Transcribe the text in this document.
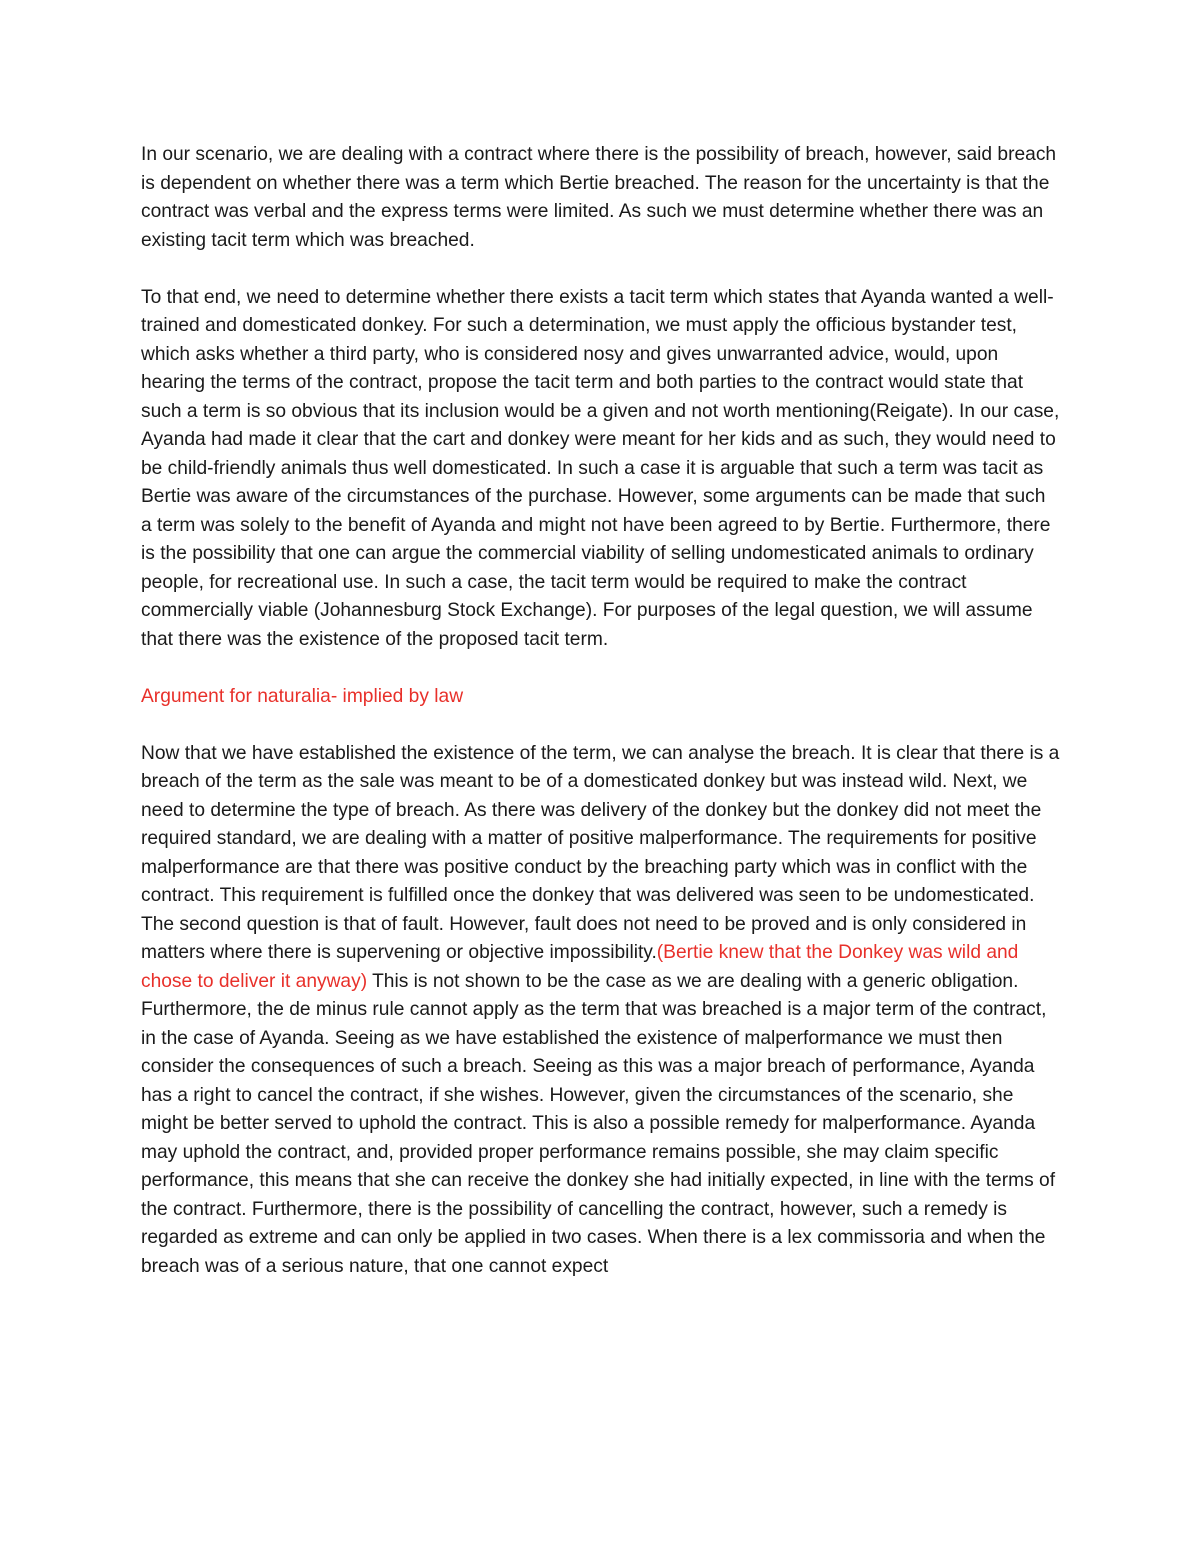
In our scenario, we are dealing with a contract where there is the possibility of breach, however, said breach is dependent on whether there was a term which Bertie breached. The reason for the uncertainty is that the contract was verbal and the express terms were limited. As such we must determine whether there was an existing tacit term which was breached.

To that end, we need to determine whether there exists a tacit term which states that Ayanda wanted a well-trained and domesticated donkey. For such a determination, we must apply the officious bystander test, which asks whether a third party, who is considered nosy and gives unwarranted advice, would, upon hearing the terms of the contract, propose the tacit term and both parties to the contract would state that such a term is so obvious that its inclusion would be a given and not worth mentioning(Reigate). In our case, Ayanda had made it clear that the cart and donkey were meant for her kids and as such, they would need to be child-friendly animals thus well domesticated. In such a case it is arguable that such a term was tacit as Bertie was aware of the circumstances of the purchase. However, some arguments can be made that such a term was solely to the benefit of Ayanda and might not have been agreed to by Bertie. Furthermore, there is the possibility that one can argue the commercial viability of selling undomesticated animals to ordinary people, for recreational use. In such a case, the tacit term would be required to make the contract commercially viable (Johannesburg Stock Exchange). For purposes of the legal question, we will assume that there was the existence of the proposed tacit term.

Argument for naturalia- implied by law

Now that we have established the existence of the term, we can analyse the breach. It is clear that there is a breach of the term as the sale was meant to be of a domesticated donkey but was instead wild. Next, we need to determine the type of breach. As there was delivery of the donkey but the donkey did not meet the required standard, we are dealing with a matter of positive malperformance. The requirements for positive malperformance are that there was positive conduct by the breaching party which was in conflict with the contract. This requirement is fulfilled once the donkey that was delivered was seen to be undomesticated. The second question is that of fault. However, fault does not need to be proved and is only considered in matters where there is supervening or objective impossibility.(Bertie knew that the Donkey was wild and chose to deliver it anyway) This is not shown to be the case as we are dealing with a generic obligation. Furthermore, the de minus rule cannot apply as the term that was breached is a major term of the contract, in the case of Ayanda. Seeing as we have established the existence of malperformance we must then consider the consequences of such a breach. Seeing as this was a major breach of performance, Ayanda has a right to cancel the contract, if she wishes. However, given the circumstances of the scenario, she might be better served to uphold the contract. This is also a possible remedy for malperformance. Ayanda may uphold the contract, and, provided proper performance remains possible, she may claim specific performance, this means that she can receive the donkey she had initially expected, in line with the terms of the contract. Furthermore, there is the possibility of cancelling the contract, however, such a remedy is regarded as extreme and can only be applied in two cases. When there is a lex commissoria and when the breach was of a serious nature, that one cannot expect
